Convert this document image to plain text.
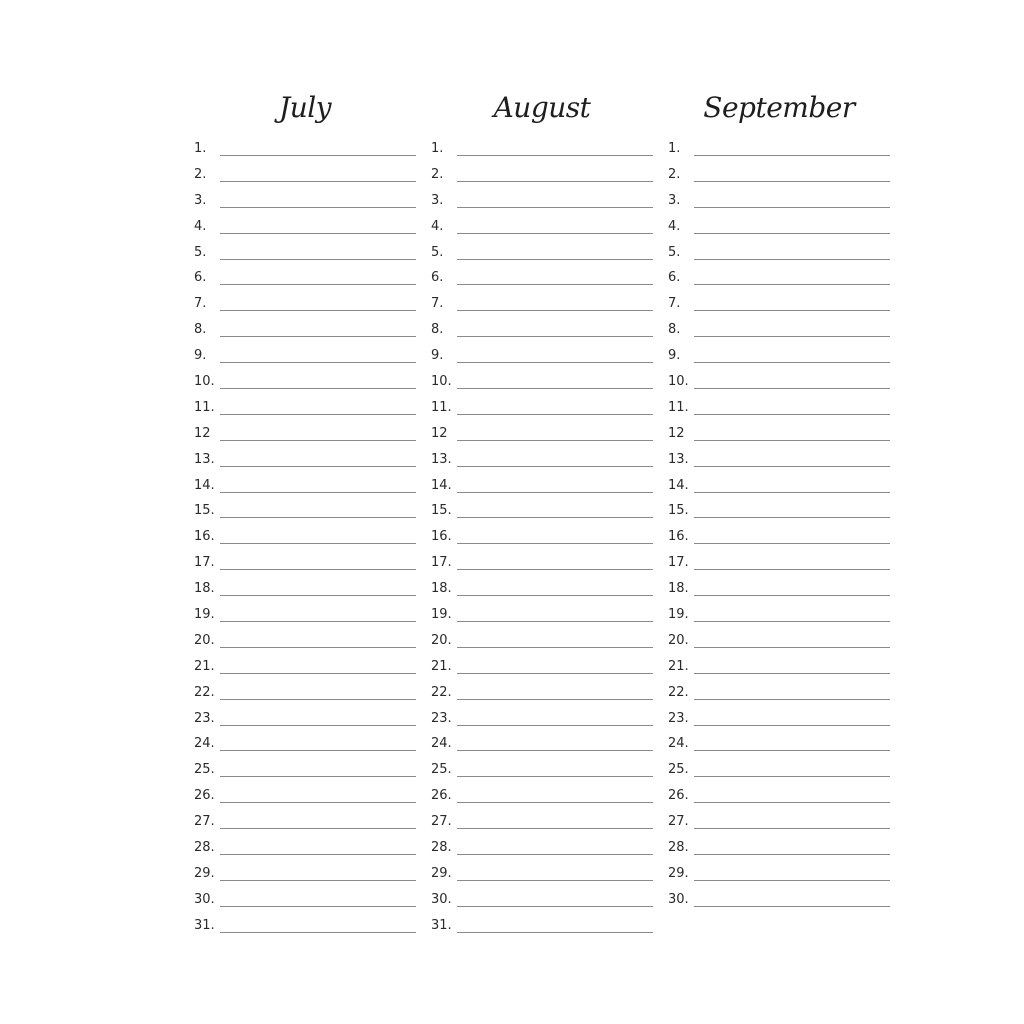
July
1.
2.
3.
4.
5.
6.
7.
8.
9.
10.
11.
12
13.
14.
15.
16.
17.
18.
19.
20.
21.
22.
23.
24.
25.
26.
27.
28.
29.
30.
31.
August
1.
2.
3.
4.
5.
6.
7.
8.
9.
10.
11.
12
13.
14.
15.
16.
17.
18.
19.
20.
21.
22.
23.
24.
25.
26.
27.
28.
29.
30.
31.
September
1.
2.
3.
4.
5.
6.
7.
8.
9.
10.
11.
12
13.
14.
15.
16.
17.
18.
19.
20.
21.
22.
23.
24.
25.
26.
27.
28.
29.
30.
